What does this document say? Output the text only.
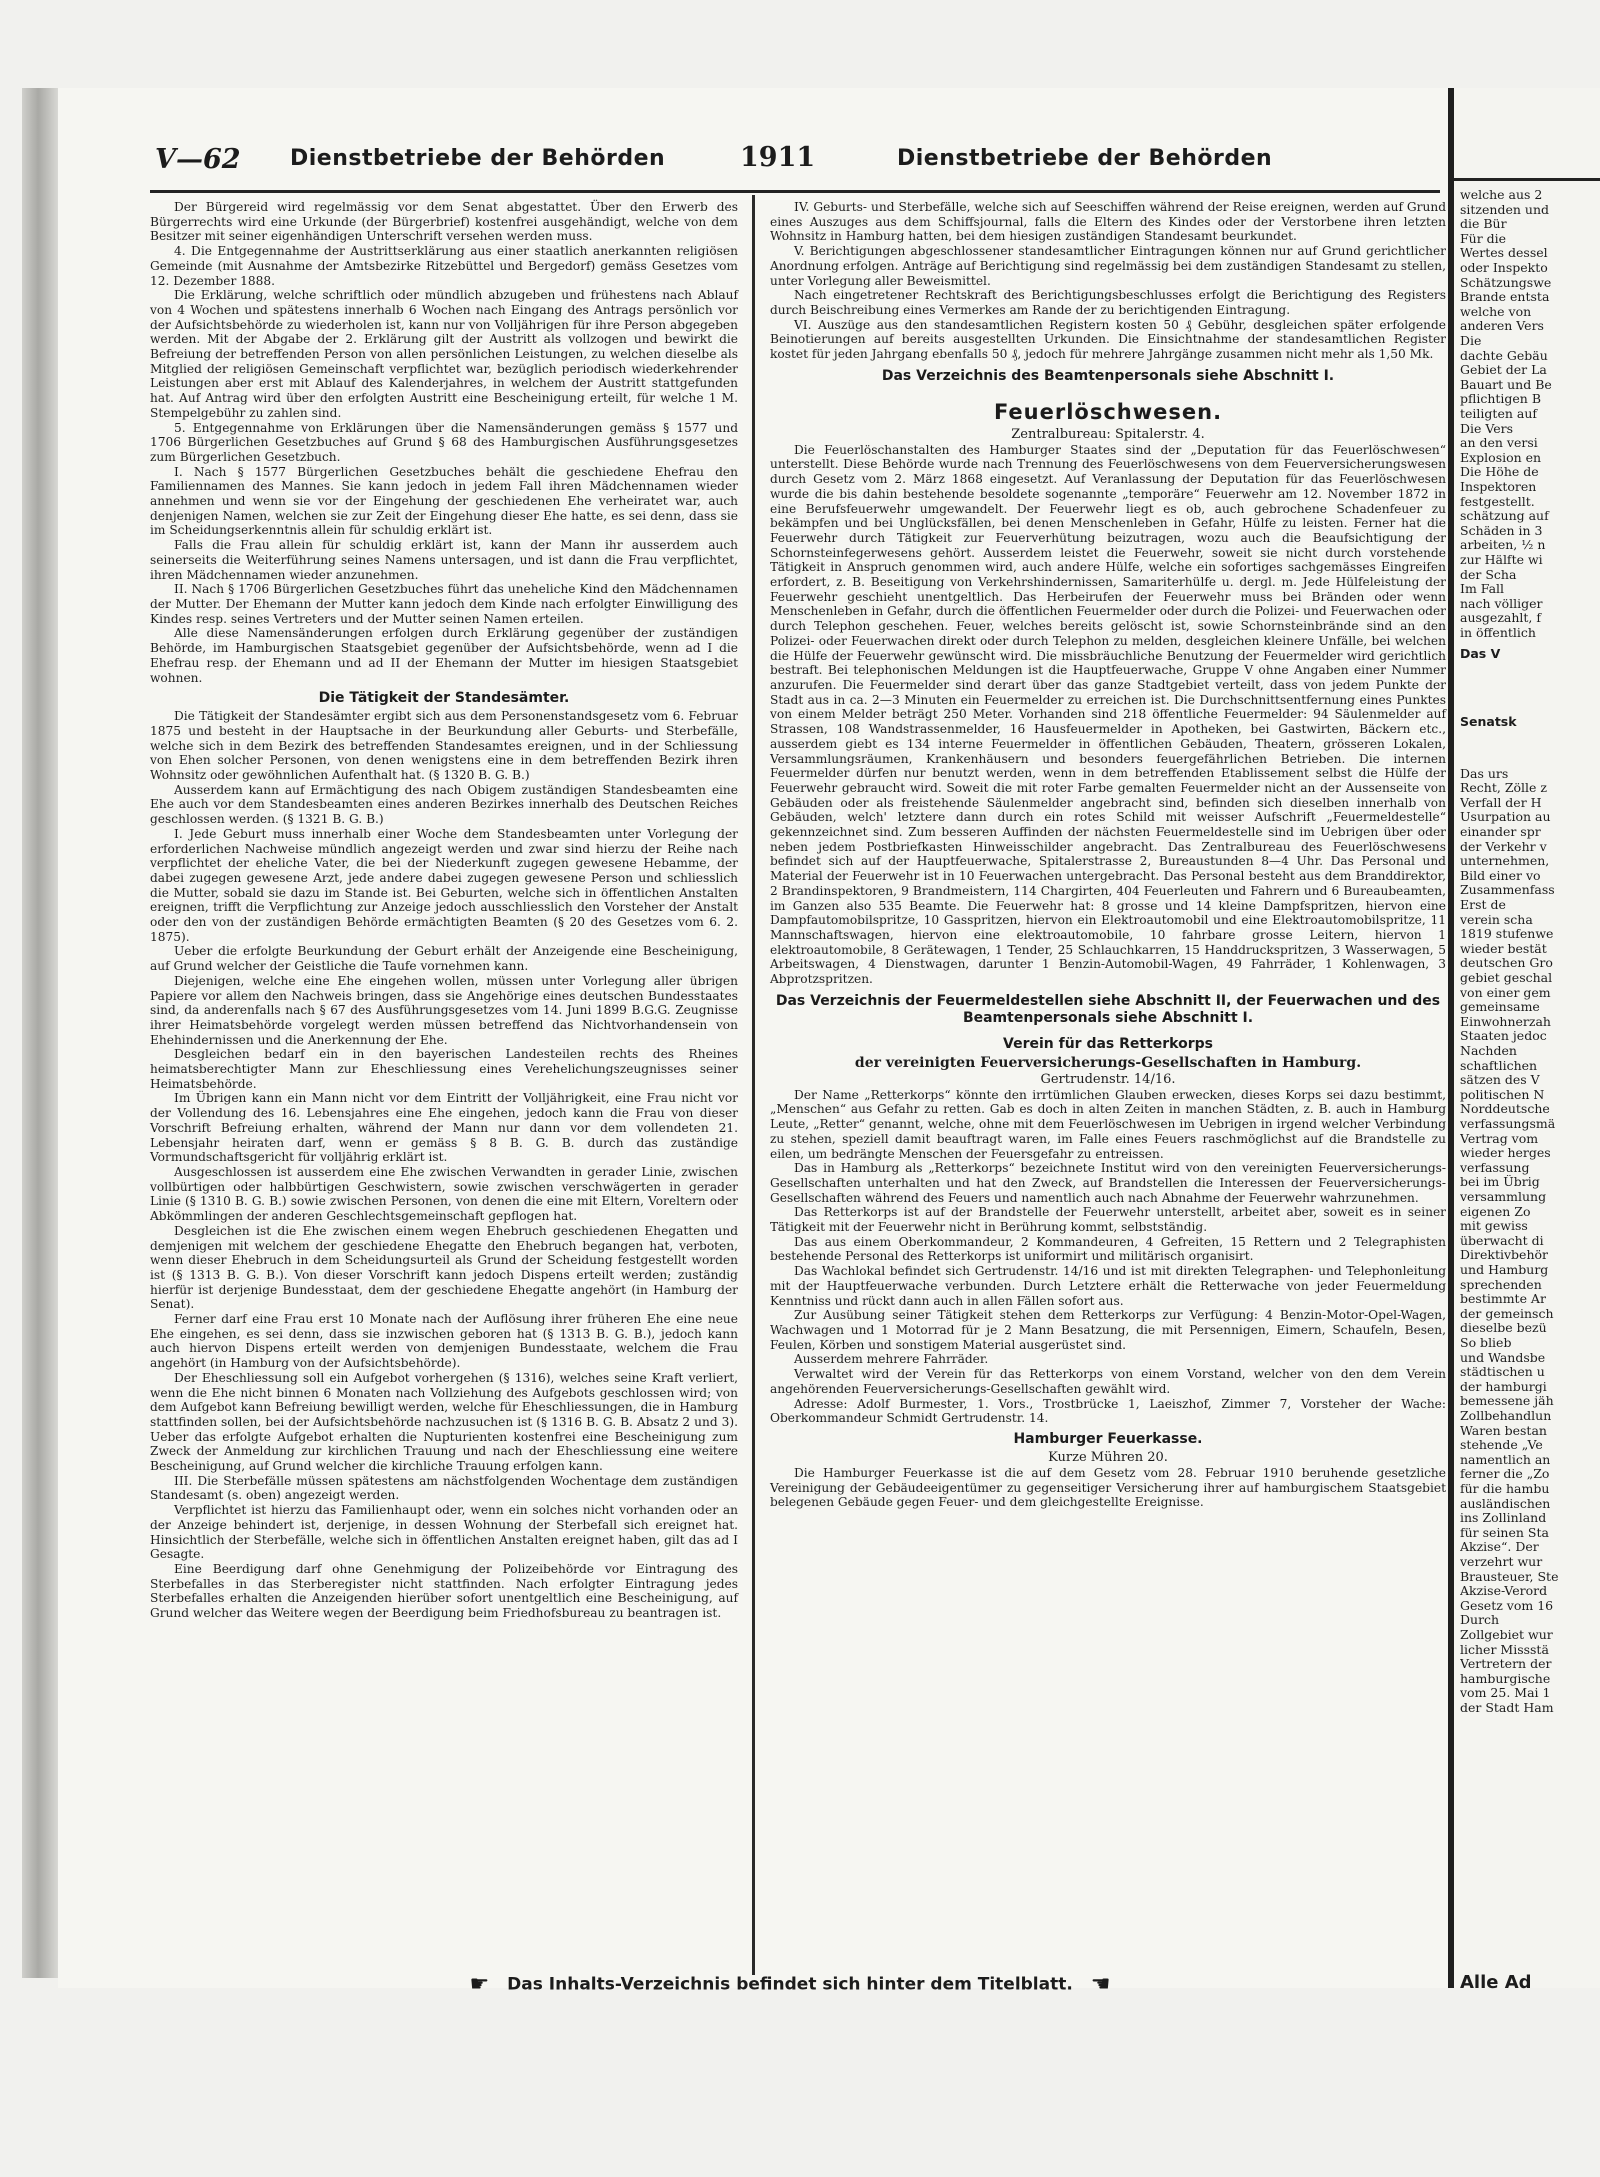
V—62 Dienstbetriebe der Behörden	1911	Dienstbetriebe der Behörden

Der Bürgereid wird regelmässig vor dem Senat abgestattet. Über den Erwerb des Bürgerrechts wird eine Urkunde (der Bürgerbrief) kostenfrei ausgehändigt, welche von dem Besitzer mit seiner eigenhändigen Unterschrift versehen werden muss.

4. Die Entgegennahme der Austrittserklärung aus einer staatlich anerkannten religiösen Gemeinde (mit Ausnahme der Amtsbezirke Ritzebüttel und Bergedorf) gemäss Gesetzes vom 12. Dezember 1888.

Die Erklärung, welche schriftlich oder mündlich abzugeben und frühestens nach Ablauf von 4 Wochen und spätestens innerhalb 6 Wochen nach Eingang des Antrags persönlich vor der Aufsichtsbehörde zu wiederholen ist, kann nur von Volljährigen für ihre Person abgegeben werden. Mit der Abgabe der 2. Erklärung gilt der Austritt als vollzogen und bewirkt die Befreiung der betreffenden Person von allen persönlichen Leistungen, zu welchen dieselbe als Mitglied der religiösen Gemeinschaft verpflichtet war, bezüglich periodisch wiederkehrender Leistungen aber erst mit Ablauf des Kalenderjahres, in welchem der Austritt stattgefunden hat. Auf Antrag wird über den erfolgten Austritt eine Bescheinigung erteilt, für welche 1 M. Stempelgebühr zu zahlen sind.

5. Entgegennahme von Erklärungen über die Namensänderungen gemäss § 1577 und 1706 Bürgerlichen Gesetzbuches auf Grund § 68 des Hamburgischen Ausführungsgesetzes zum Bürgerlichen Gesetzbuch.

I. Nach § 1577 Bürgerlichen Gesetzbuches behält die geschiedene Ehefrau den Familiennamen des Mannes. Sie kann jedoch in jedem Fall ihren Mädchennamen wieder annehmen und wenn sie vor der Eingehung der geschiedenen Ehe verheiratet war, auch denjenigen Namen, welchen sie zur Zeit der Eingehung dieser Ehe hatte, es sei denn, dass sie im Scheidungserkenntnis allein für schuldig erklärt ist.

Falls die Frau allein für schuldig erklärt ist, kann der Mann ihr ausserdem auch seinerseits die Weiterführung seines Namens untersagen, und ist dann die Frau verpflichtet, ihren Mädchennamen wieder anzunehmen.

II. Nach § 1706 Bürgerlichen Gesetzbuches führt das uneheliche Kind den Mädchennamen der Mutter. Der Ehemann der Mutter kann jedoch dem Kinde nach erfolgter Einwilligung des Kindes resp. seines Vertreters und der Mutter seinen Namen erteilen.

Alle diese Namensänderungen erfolgen durch Erklärung gegenüber der zuständigen Behörde, im Hamburgischen Staatsgebiet gegenüber der Aufsichtsbehörde, wenn ad I die Ehefrau resp. der Ehemann und ad II der Ehemann der Mutter im hiesigen Staatsgebiet wohnen.

Die Tätigkeit der Standesämter.

Die Tätigkeit der Standesämter ergibt sich aus dem Personenstandsgesetz vom 6. Februar 1875 und besteht in der Hauptsache in der Beurkundung aller Geburts- und Sterbefälle, welche sich in dem Bezirk des betreffenden Standesamtes ereignen, und in der Schliessung von Ehen solcher Personen, von denen wenigstens eine in dem betreffenden Bezirk ihren Wohnsitz oder gewöhnlichen Aufenthalt hat. (§ 1320 B. G. B.)

Ausserdem kann auf Ermächtigung des nach Obigem zuständigen Standesbeamten eine Ehe auch vor dem Standesbeamten eines anderen Bezirkes innerhalb des Deutschen Reiches geschlossen werden. (§ 1321 B. G. B.)

I. Jede Geburt muss innerhalb einer Woche dem Standesbeamten unter Vorlegung der erforderlichen Nachweise mündlich angezeigt werden und zwar sind hierzu der Reihe nach verpflichtet der eheliche Vater, die bei der Niederkunft zugegen gewesene Hebamme, der dabei zugegen gewesene Arzt, jede andere dabei zugegen gewesene Person und schliesslich die Mutter, sobald sie dazu im Stande ist. Bei Geburten, welche sich in öffentlichen Anstalten ereignen, trifft die Verpflichtung zur Anzeige jedoch ausschliesslich den Vorsteher der Anstalt oder den von der zuständigen Behörde ermächtigten Beamten (§ 20 des Gesetzes vom 6. 2. 1875).

Ueber die erfolgte Beurkundung der Geburt erhält der Anzeigende eine Bescheinigung, auf Grund welcher der Geistliche die Taufe vornehmen kann.

Diejenigen, welche eine Ehe eingehen wollen, müssen unter Vorlegung aller übrigen Papiere vor allem den Nachweis bringen, dass sie Angehörige eines deutschen Bundesstaates sind, da anderenfalls nach § 67 des Ausführungsgesetzes vom 14. Juni 1899 B.G.G. Zeugnisse ihrer Heimatsbehörde vorgelegt werden müssen betreffend das Nichtvorhandensein von Ehehindernissen und die Anerkennung der Ehe.

Desgleichen bedarf ein in den bayerischen Landesteilen rechts des Rheines heimatsberechtigter Mann zur Eheschliessung eines Verehelichungszeugnisses seiner Heimatsbehörde.

Im Übrigen kann ein Mann nicht vor dem Eintritt der Volljährigkeit, eine Frau nicht vor der Vollendung des 16. Lebensjahres eine Ehe eingehen, jedoch kann die Frau von dieser Vorschrift Befreiung erhalten, während der Mann nur dann vor dem vollendeten 21. Lebensjahr heiraten darf, wenn er gemäss § 8 B. G. B. durch das zuständige Vormundschaftsgericht für volljährig erklärt ist.

Ausgeschlossen ist ausserdem eine Ehe zwischen Verwandten in gerader Linie, zwischen vollbürtigen oder halbbürtigen Geschwistern, sowie zwischen verschwägerten in gerader Linie (§ 1310 B. G. B.) sowie zwischen Personen, von denen die eine mit Eltern, Voreltern oder Abkömmlingen der anderen Geschlechtsgemeinschaft gepflogen hat.

Desgleichen ist die Ehe zwischen einem wegen Ehebruch geschiedenen Ehegatten und demjenigen mit welchem der geschiedene Ehegatte den Ehebruch begangen hat, verboten, wenn dieser Ehebruch in dem Scheidungsurteil als Grund der Scheidung festgestellt worden ist (§ 1313 B. G. B.). Von dieser Vorschrift kann jedoch Dispens erteilt werden; zuständig hierfür ist derjenige Bundesstaat, dem der geschiedene Ehegatte angehört (in Hamburg der Senat).

Ferner darf eine Frau erst 10 Monate nach der Auflösung ihrer früheren Ehe eine neue Ehe eingehen, es sei denn, dass sie inzwischen geboren hat (§ 1313 B. G. B.), jedoch kann auch hiervon Dispens erteilt werden von demjenigen Bundesstaate, welchem die Frau angehört (in Hamburg von der Aufsichtsbehörde).

Der Eheschliessung soll ein Aufgebot vorhergehen (§ 1316), welches seine Kraft verliert, wenn die Ehe nicht binnen 6 Monaten nach Vollziehung des Aufgebots geschlossen wird; von dem Aufgebot kann Befreiung bewilligt werden, welche für Eheschliessungen, die in Hamburg stattfinden sollen, bei der Aufsichtsbehörde nachzusuchen ist (§ 1316 B. G. B. Absatz 2 und 3). Ueber das erfolgte Aufgebot erhalten die Nupturienten kostenfrei eine Bescheinigung zum Zweck der Anmeldung zur kirchlichen Trauung und nach der Eheschliessung eine weitere Bescheinigung, auf Grund welcher die kirchliche Trauung erfolgen kann.

III. Die Sterbefälle müssen spätestens am nächstfolgenden Wochentage dem zuständigen Standesamt (s. oben) angezeigt werden.

Verpflichtet ist hierzu das Familienhaupt oder, wenn ein solches nicht vorhanden oder an der Anzeige behindert ist, derjenige, in dessen Wohnung der Sterbefall sich ereignet hat. Hinsichtlich der Sterbefälle, welche sich in öffentlichen Anstalten ereignet haben, gilt das ad I Gesagte.

Eine Beerdigung darf ohne Genehmigung der Polizeibehörde vor Eintragung des Sterbefalles in das Sterberegister nicht stattfinden. Nach erfolgter Eintragung jedes Sterbefalles erhalten die Anzeigenden hierüber sofort unentgeltlich eine Bescheinigung, auf Grund welcher das Weitere wegen der Beerdigung beim Friedhofsbureau zu beantragen ist.

IV. Geburts- und Sterbefälle, welche sich auf Seeschiffen während der Reise ereignen, werden auf Grund eines Auszuges aus dem Schiffsjournal, falls die Eltern des Kindes oder der Verstorbene ihren letzten Wohnsitz in Hamburg hatten, bei dem hiesigen zuständigen Standesamt beurkundet.

V. Berichtigungen abgeschlossener standesamtlicher Eintragungen können nur auf Grund gerichtlicher Anordnung erfolgen. Anträge auf Berichtigung sind regelmässig bei dem zuständigen Standesamt zu stellen, unter Vorlegung aller Beweismittel.

Nach eingetretener Rechtskraft des Berichtigungsbeschlusses erfolgt die Berichtigung des Registers durch Beischreibung eines Vermerkes am Rande der zu berichtigenden Eintragung.

VI. Auszüge aus den standesamtlichen Registern kosten 50 ₰ Gebühr, desgleichen später erfolgende Beinotierungen auf bereits ausgestellten Urkunden. Die Einsichtnahme der standesamtlichen Register kostet für jeden Jahrgang ebenfalls 50 ₰, jedoch für mehrere Jahrgänge zusammen nicht mehr als 1,50 Mk.

Das Verzeichnis des Beamtenpersonals siehe Abschnitt I.
Feuerlöschwesen.
Zentralbureau: Spitalerstr. 4.

Die Feuerlöschanstalten des Hamburger Staates sind der „Deputation für das Feuerlöschwesen“ unterstellt. Diese Behörde wurde nach Trennung des Feuerlöschwesens von dem Feuerversicherungswesen durch Gesetz vom 2. März 1868 eingesetzt. Auf Veranlassung der Deputation für das Feuerlöschwesen wurde die bis dahin bestehende besoldete sogenannte „temporäre“ Feuerwehr am 12. November 1872 in eine Berufsfeuerwehr umgewandelt. Der Feuerwehr liegt es ob, auch gebrochene Schadenfeuer zu bekämpfen und bei Unglücksfällen, bei denen Menschenleben in Gefahr, Hülfe zu leisten. Ferner hat die Feuerwehr durch Tätigkeit zur Feuerverhütung beizutragen, wozu auch die Beaufsichtigung der Schornsteinfegerwesens gehört. Ausserdem leistet die Feuerwehr, soweit sie nicht durch vorstehende Tätigkeit in Anspruch genommen wird, auch andere Hülfe, welche ein sofortiges sachgemässes Eingreifen erfordert, z. B. Beseitigung von Verkehrshindernissen, Samariterhülfe u. dergl. m. Jede Hülfeleistung der Feuerwehr geschieht unentgeltlich. Das Herbeirufen der Feuerwehr muss bei Bränden oder wenn Menschenleben in Gefahr, durch die öffentlichen Feuermelder oder durch die Polizei- und Feuerwachen oder durch Telephon geschehen. Feuer, welches bereits gelöscht ist, sowie Schornsteinbrände sind an den Polizei- oder Feuerwachen direkt oder durch Telephon zu melden, desgleichen kleinere Unfälle, bei welchen die Hülfe der Feuerwehr gewünscht wird. Die missbräuchliche Benutzung der Feuermelder wird gerichtlich bestraft. Bei telephonischen Meldungen ist die Hauptfeuerwache, Gruppe V ohne Angaben einer Nummer anzurufen. Die Feuermelder sind derart über das ganze Stadtgebiet verteilt, dass von jedem Punkte der Stadt aus in ca. 2—3 Minuten ein Feuermelder zu erreichen ist. Die Durchschnittsentfernung eines Punktes von einem Melder beträgt 250 Meter. Vorhanden sind 218 öffentliche Feuermelder: 94 Säulenmelder auf Strassen, 108 Wandstrassenmelder, 16 Hausfeuermelder in Apotheken, bei Gastwirten, Bäckern etc., ausserdem giebt es 134 interne Feuermelder in öffentlichen Gebäuden, Theatern, grösseren Lokalen, Versammlungsräumen, Krankenhäusern und besonders feuergefährlichen Betrieben. Die internen Feuermelder dürfen nur benutzt werden, wenn in dem betreffenden Etablissement selbst die Hülfe der Feuerwehr gebraucht wird. Soweit die mit roter Farbe gemalten Feuermelder nicht an der Aussenseite von Gebäuden oder als freistehende Säulenmelder angebracht sind, befinden sich dieselben innerhalb von Gebäuden, welch' letztere dann durch ein rotes Schild mit weisser Aufschrift „Feuermeldestelle“ gekennzeichnet sind. Zum besseren Auffinden der nächsten Feuermeldestelle sind im Uebrigen über oder neben jedem Postbriefkasten Hinweisschilder angebracht. Das Zentralbureau des Feuerlöschwesens befindet sich auf der Hauptfeuerwache, Spitalerstrasse 2, Bureaustunden 8—4 Uhr. Das Personal und Material der Feuerwehr ist in 10 Feuerwachen untergebracht. Das Personal besteht aus dem Branddirektor, 2 Brandinspektoren, 9 Brandmeistern, 114 Chargirten, 404 Feuerleuten und Fahrern und 6 Bureaubeamten, im Ganzen also 535 Beamte. Die Feuerwehr hat: 8 grosse und 14 kleine Dampfspritzen, hiervon eine Dampfautomobilspritze, 10 Gasspritzen, hiervon ein Elektroautomobil und eine Elektroautomobilspritze, 11 Mannschaftswagen, hiervon eine elektroautomobile, 10 fahrbare grosse Leitern, hiervon 1 elektroautomobile, 8 Gerätewagen, 1 Tender, 25 Schlauchkarren, 15 Handdruckspritzen, 3 Wasserwagen, 5 Arbeitswagen, 4 Dienstwagen, darunter 1 Benzin-Automobil-Wagen, 49 Fahrräder, 1 Kohlenwagen, 3 Abprotzspritzen.

Das Verzeichnis der Feuermeldestellen siehe Abschnitt II, der Feuerwachen und des Beamtenpersonals siehe Abschnitt I.
Verein für das Retterkorps
der vereinigten Feuerversicherungs-Gesellschaften in Hamburg.
Gertrudenstr. 14/16.

Der Name „Retterkorps“ könnte den irrtümlichen Glauben erwecken, dieses Korps sei dazu bestimmt, „Menschen“ aus Gefahr zu retten. Gab es doch in alten Zeiten in manchen Städten, z. B. auch in Hamburg Leute, „Retter“ genannt, welche, ohne mit dem Feuerlöschwesen im Uebrigen in irgend welcher Verbindung zu stehen, speziell damit beauftragt waren, im Falle eines Feuers raschmöglichst auf die Brandstelle zu eilen, um bedrängte Menschen der Feuersgefahr zu entreissen.

Das in Hamburg als „Retterkorps“ bezeichnete Institut wird von den vereinigten Feuerversicherungs-Gesellschaften unterhalten und hat den Zweck, auf Brandstellen die Interessen der Feuerversicherungs-Gesellschaften während des Feuers und namentlich auch nach Abnahme der Feuerwehr wahrzunehmen.

Das Retterkorps ist auf der Brandstelle der Feuerwehr unterstellt, arbeitet aber, soweit es in seiner Tätigkeit mit der Feuerwehr nicht in Berührung kommt, selbstständig.

Das aus einem Oberkommandeur, 2 Kommandeuren, 4 Gefreiten, 15 Rettern und 2 Telegraphisten bestehende Personal des Retterkorps ist uniformirt und militärisch organisirt.

Das Wachlokal befindet sich Gertrudenstr. 14/16 und ist mit direkten Telegraphen- und Telephonleitung mit der Hauptfeuerwache verbunden. Durch Letztere erhält die Retterwache von jeder Feuermeldung Kenntniss und rückt dann auch in allen Fällen sofort aus.

Zur Ausübung seiner Tätigkeit stehen dem Retterkorps zur Verfügung: 4 Benzin-Motor-Opel-Wagen, Wachwagen und 1 Motorrad für je 2 Mann Besatzung, die mit Persennigen, Eimern, Schaufeln, Besen, Feulen, Körben und sonstigem Material ausgerüstet sind.

Ausserdem mehrere Fahrräder.

Verwaltet wird der Verein für das Retterkorps von einem Vorstand, welcher von den dem Verein angehörenden Feuerversicherungs-Gesellschaften gewählt wird.

Adresse: Adolf Burmester, 1. Vors., Trostbrücke 1, Laeiszhof, Zimmer 7, Vorsteher der Wache: Oberkommandeur Schmidt Gertrudenstr. 14.

Hamburger Feuerkasse.
Kurze Mühren 20.

Die Hamburger Feuerkasse ist die auf dem Gesetz vom 28. Februar 1910 beruhende gesetzliche Vereinigung der Gebäudeeigentümer zu gegenseitiger Versicherung ihrer auf hamburgischem Staatsgebiet belegenen Gebäude gegen Feuer- und dem gleichgestellte Ereignisse.

☛ Das Inhalts-Verzeichnis befindet sich hinter dem Titelblatt. ☚
welche aus 2
sitzenden und
die Bür
Für die
Wertes dessel
oder Inspekto
Schätzungswe
Brande entsta
welche von
anderen Vers
Die
dachte Gebäu
Gebiet der La
Bauart und Be
pflichtigen B
teiligten auf
Die Vers
an den versi
Explosion en
Die Höhe de
Inspektoren
festgestellt.
schätzung auf
Schäden in 3
arbeiten, ½ n
zur Hälfte wi
der Scha
Im Fall
nach völliger
ausgezahlt, f
in öffentlich
Das V
Senatsk
Das urs
Recht, Zölle z
Verfall der H
Usurpation au
einander spr
der Verkehr v
unternehmen,
Bild einer vo
Zusammenfass
Erst de
verein scha
1819 stufenwe
wieder bestät
deutschen Gro
gebiet geschal
von einer gem
gemeinsame
Einwohnerzah
Staaten jedoc
Nachden
schaftlichen
sätzen des V
politischen N
Norddeutsche
verfassungsmä
Vertrag vom
wieder herges
verfassung
bei im Übrig
versammlung
eigenen Zo
mit gewiss
überwacht di
Direktivbehör
und Hamburg
sprechenden
bestimmte Ar
der gemeinsch
dieselbe bezü
So blieb
und Wandsbe
städtischen u
der hamburgi
bemessene jäh
Zollbehandlun
Waren bestan
stehende „Ve
namentlich an
ferner die „Zo
für die hambu
ausländischen
ins Zollinland
für seinen Sta
Akzise“. Der
verzehrt wur
Brausteuer, Ste
Akzise-Verord
Gesetz vom 16
Durch
Zollgebiet wur
licher Missstä
Vertretern der
hamburgische
vom 25. Mai 1
der Stadt Ham
Alle Ad
